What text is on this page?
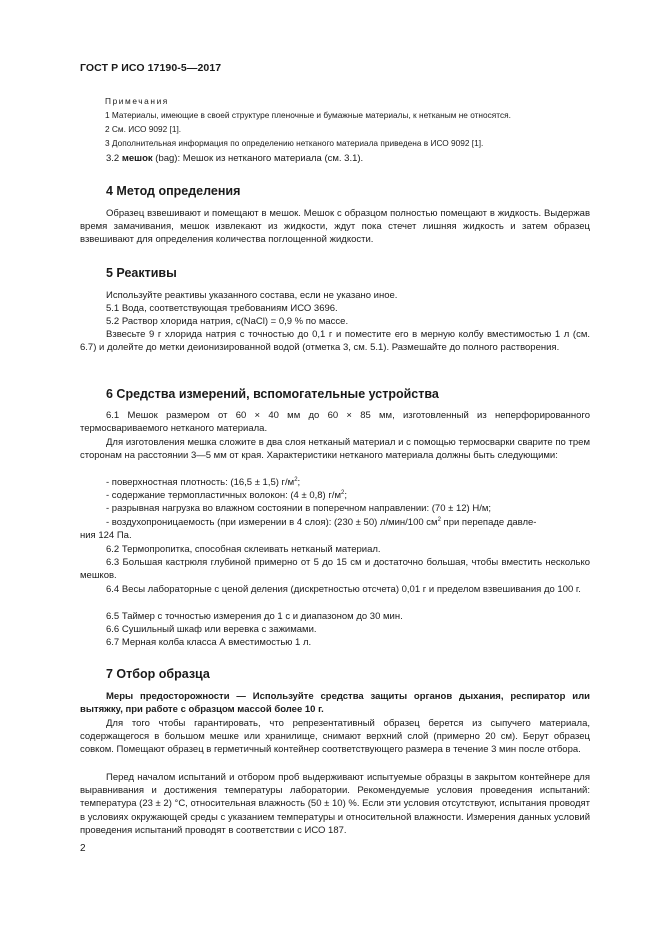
ГОСТ Р ИСО 17190-5—2017
Примечания
1 Материалы, имеющие в своей структуре пленочные и бумажные материалы, к нетканым не относятся.
2 См. ИСО 9092 [1].
3 Дополнительная информация по определению нетканого материала приведена в ИСО 9092 [1].
3.2 мешок (bag): Мешок из нетканого материала (см. 3.1).
4 Метод определения
Образец взвешивают и помещают в мешок. Мешок с образцом полностью помещают в жидкость. Выдержав время замачивания, мешок извлекают из жидкости, ждут пока стечет лишняя жидкость и затем образец взвешивают для определения количества поглощенной жидкости.
5 Реактивы
Используйте реактивы указанного состава, если не указано иное.
5.1 Вода, соответствующая требованиям ИСО 3696.
5.2 Раствор хлорида натрия, c(NaCl) = 0,9 % по массе.
Взвесьте 9 г хлорида натрия с точностью до 0,1 г и поместите его в мерную колбу вместимостью 1 л (см. 6.7) и долейте до метки деионизированной водой (отметка 3, см. 5.1). Размешайте до полного растворения.
6 Средства измерений, вспомогательные устройства
6.1 Мешок размером от 60 × 40 мм до 60 × 85 мм, изготовленный из неперфорированного термосвариваемого нетканого материала.
Для изготовления мешка сложите в два слоя нетканый материал и с помощью термосварки сварите по трем сторонам на расстоянии 3—5 мм от края. Характеристики нетканого материала должны быть следующими:
- поверхностная плотность: (16,5 ± 1,5) $г/м^2$;
- содержание термопластичных волокон: (4 ± 0,8) $г/м^2$;
- разрывная нагрузка во влажном состоянии в поперечном направлении: (70 ± 12) Н/м;
- воздухопроницаемость (при измерении в 4 слоя): (230 ± 50) л/мин/100 $см^2$ при перепаде давле-
ния 124 Па.
6.2 Термопропитка, способная склеивать нетканый материал.
6.3 Большая кастрюля глубиной примерно от 5 до 15 см и достаточно большая, чтобы вместить несколько мешков.
6.4 Весы лабораторные с ценой деления (дискретностью отсчета) 0,01 г и пределом взвешивания до 100 г.
6.5 Таймер с точностью измерения до 1 с и диапазоном до 30 мин.
6.6 Сушильный шкаф или веревка с зажимами.
6.7 Мерная колба класса А вместимостью 1 л.
7 Отбор образца
Меры предосторожности — Используйте средства защиты органов дыхания, респиратор или вытяжку, при работе с образцом массой более 10 г.
Для того чтобы гарантировать, что репрезентативный образец берется из сыпучего материала, содержащегося в большом мешке или хранилище, снимают верхний слой (примерно 20 см). Берут образец совком. Помещают образец в герметичный контейнер соответствующего размера в течение 3 мин после отбора.
Перед началом испытаний и отбором проб выдерживают испытуемые образцы в закрытом контейнере для выравнивания и достижения температуры лаборатории. Рекомендуемые условия проведения испытаний: температура (23 ± 2) °С, относительная влажность (50 ± 10) %. Если эти условия отсутствуют, испытания проводят в условиях окружающей среды с указанием температуры и относительной влажности. Измерения данных условий проведения испытаний проводят в соответствии с ИСО 187.
2
